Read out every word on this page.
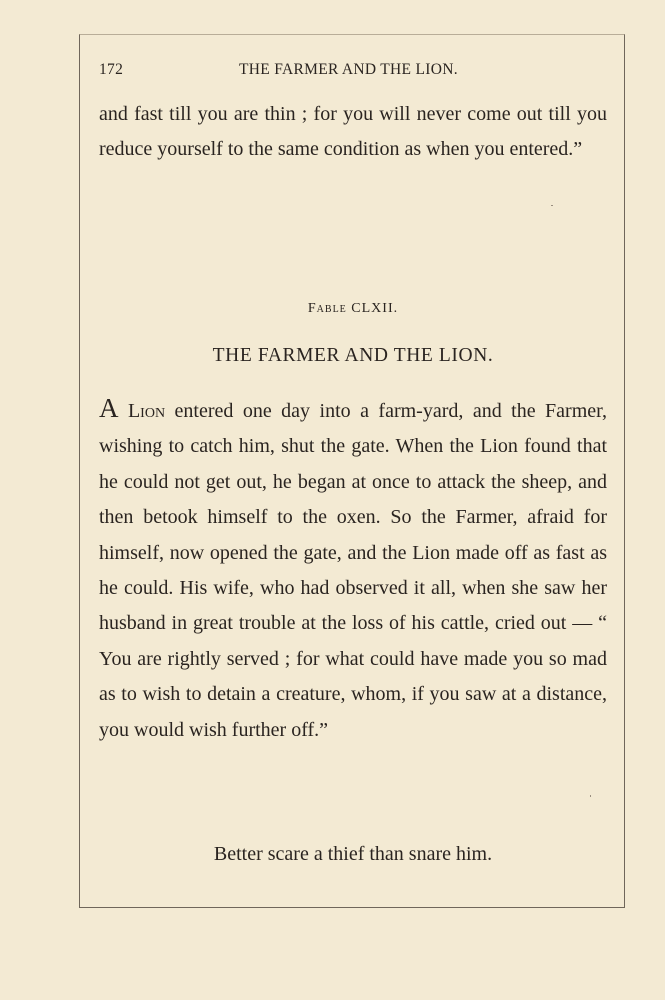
172	THE FARMER AND THE LION.
and fast till you are thin ; for you will never come out till you reduce yourself to the same condition as when you entered.”
Fable CLXII.
THE FARMER AND THE LION.
A Lion entered one day into a farm-yard, and the Farmer, wishing to catch him, shut the gate. When the Lion found that he could not get out, he began at once to attack the sheep, and then betook himself to the oxen. So the Farmer, afraid for himself, now opened the gate, and the Lion made off as fast as he could. His wife, who had observed it all, when she saw her husband in great trouble at the loss of his cattle, cried out — “ You are rightly served ; for what could have made you so mad as to wish to detain a creature, whom, if you saw at a distance, you would wish further off.”
Better scare a thief than snare him.
